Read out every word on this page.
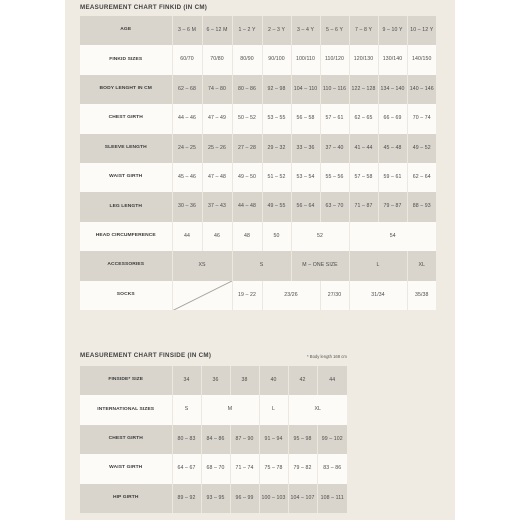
MEASUREMENT CHART FINKID (IN CM)
AGE	3 – 6 M	6 – 12 M	1 – 2 Y	2 – 3 Y	3 – 4 Y	5 – 6 Y	7 – 8 Y	9 – 10 Y	10 – 12 Y
FINKID SIZES	60/70	70/80	80/90	90/100	100/110	110/120	120/130	130/140	140/150
BODY LENGHT IN CM	62 – 68	74 – 80	80 – 86	92 – 98	104 – 110	110 – 116	122 – 128	134 – 140	140 – 146
CHEST GIRTH	44 – 46	47 – 49	50 – 52	53 – 55	56 – 58	57 – 61	62 – 65	66 – 69	70 – 74
SLEEVE LENGTH	24 – 25	25 – 26	27 – 28	29 – 32	33 – 36	37 – 40	41 – 44	45 – 48	49 – 52
WAIST GIRTH	45 – 46	47 – 48	49 – 50	51 – 52	53 – 54	55 – 56	57 – 58	59 – 61	62 – 64
LEG LENGTH	30 – 36	37 – 43	44 – 48	49 – 55	56 – 64	63 – 70	71 – 87	79 – 87	88 – 93
HEAD CIRCUMFERENCE	44	46	48	50	52		54		
ACCESSORIES	XS		S		M – ONE SIZE		L		XL
SOCKS			19 – 22	23/26		27/30	31/34		35/38
MEASUREMENT CHART FINSIDE (IN CM)	* Body length 168 cm
FINSIDE* SIZE	34	36	38	40	42	44
INTERNATIONAL SIZES	S	M		L	XL	
CHEST GIRTH	80 – 83	84 – 86	87 – 90	91 – 94	95 – 98	99 – 102
WAIST GIRTH	64 – 67	68 – 70	71 – 74	75 – 78	79 – 82	83 – 86
HIP GIRTH	89 – 92	93 – 95	96 – 99	100 – 103	104 – 107	108 – 111
